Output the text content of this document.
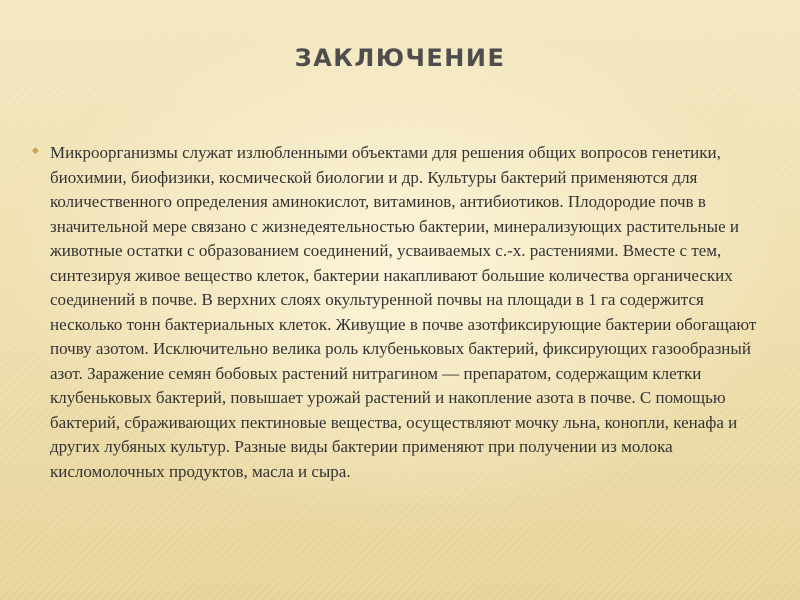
ЗАКЛЮЧЕНИЕ
◆ Микроорганизмы служат излюбленными объектами для решения общих вопросов генетики, биохимии, биофизики, космической биологии и др. Культуры бактерий применяются для количественного определения аминокислот, витаминов, антибиотиков. Плодородие почв в значительной мере связано с жизнедеятельностью бактерии, минерализующих растительные и животные остатки с образованием соединений, усваиваемых с.-х. растениями. Вместе с тем, синтезируя живое вещество клеток, бактерии накапливают большие количества органических соединений в почве. В верхних слоях окультуренной почвы на площади в 1 га содержится несколько тонн бактериальных клеток. Живущие в почве азотфиксирующие бактерии обогащают почву азотом. Исключительно велика роль клубеньковых бактерий, фиксирующих газообразный азот. Заражение семян бобовых растений нитрагином — препаратом, содержащим клетки клубеньковых бактерий, повышает урожай растений и накопление азота в почве. С помощью бактерий, сбраживающих пектиновые вещества, осуществляют мочку льна, конопли, кенафа и других лубяных культур. Разные виды бактерии применяют при получении из молока кисломолочных продуктов, масла и сыра.
